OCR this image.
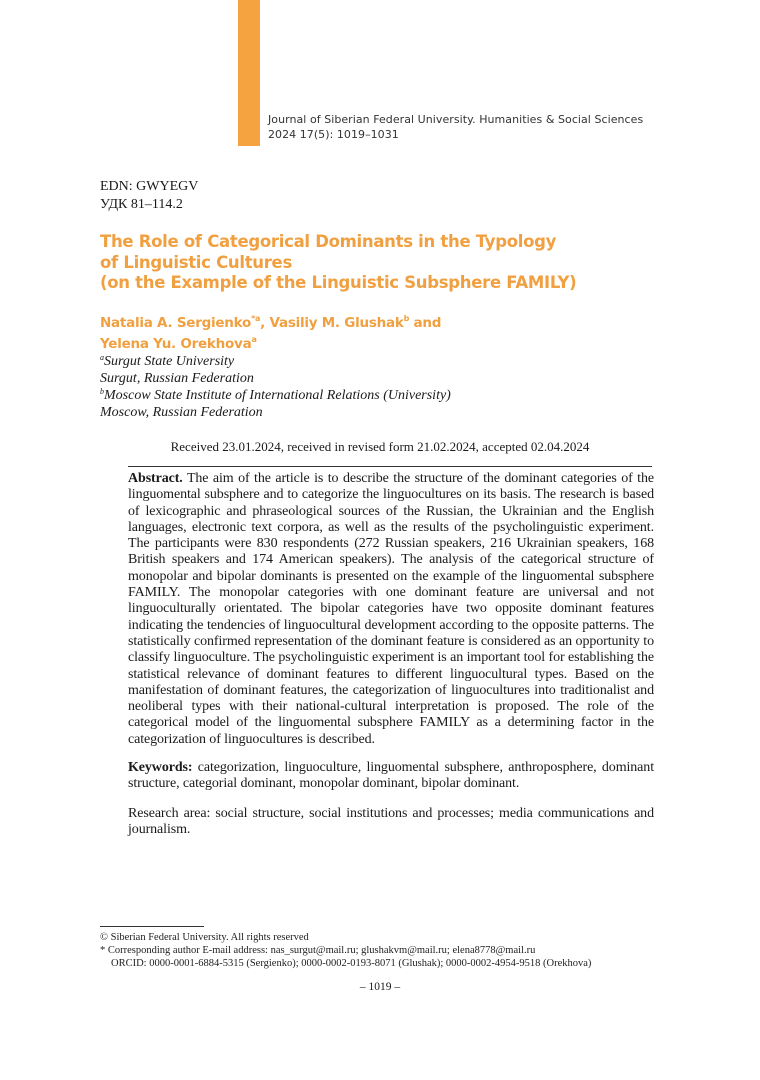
Journal of Siberian Federal University. Humanities & Social Sciences
2024 17(5): 1019–1031
EDN: GWYEGV
УДК 81–114.2
The Role of Categorical Dominants in the Typology
of Linguistic Cultures
(on the Example of the Linguistic Subsphere FAMILY)
Natalia A. Sergienko$^{*a}$, Vasiliy M. Glushak$^b$ and
Yelena Yu. Orekhova$^a$
$^a$Surgut State University
Surgut, Russian Federation
$^b$Moscow State Institute of International Relations (University)
Moscow, Russian Federation
Received 23.01.2024, received in revised form 21.02.2024, accepted 02.04.2024

Abstract. The aim of the article is to describe the structure of the dominant categories of the linguomental subsphere and to categorize the linguocultures on its basis. The research is based of lexicographic and phraseological sources of the Russian, the Ukrainian and the English languages, electronic text corpora, as well as the results of the psycholinguistic experiment. The participants were 830 respondents (272 Russian speakers, 216 Ukrainian speakers, 168 British speakers and 174 American speakers). The analysis of the categorical structure of monopolar and bipolar dominants is presented on the example of the linguomental subsphere FAMILY. The monopolar categories with one dominant feature are universal and not linguoculturally orientated. The bipolar categories have two opposite dominant features indicating the tendencies of linguocultural development according to the opposite patterns. The statistically confirmed representation of the dominant feature is considered as an opportunity to classify linguoculture. The psycholinguistic experiment is an important tool for establishing the statistical relevance of dominant features to different linguocultural types. Based on the manifestation of dominant features, the categorization of linguocultures into traditionalist and neoliberal types with their national-cultural interpretation is proposed. The role of the categorical model of the linguomental subsphere FAMILY as a determining factor in the categorization of linguocultures is described.

Keywords: categorization, linguoculture, linguomental subsphere, anthroposphere, dominant structure, categorial dominant, monopolar dominant, bipolar dominant.

Research area: social structure, social institutions and processes; media communications and journalism.

© Siberian Federal University. All rights reserved
* Corresponding author E-mail address: nas_surgut@mail.ru; glushakvm@mail.ru; elena8778@mail.ru
ORCID: 0000-0001-6884-5315 (Sergienko); 0000-0002-0193-8071 (Glushak); 0000-0002-4954-9518 (Orekhova)
– 1019 –
